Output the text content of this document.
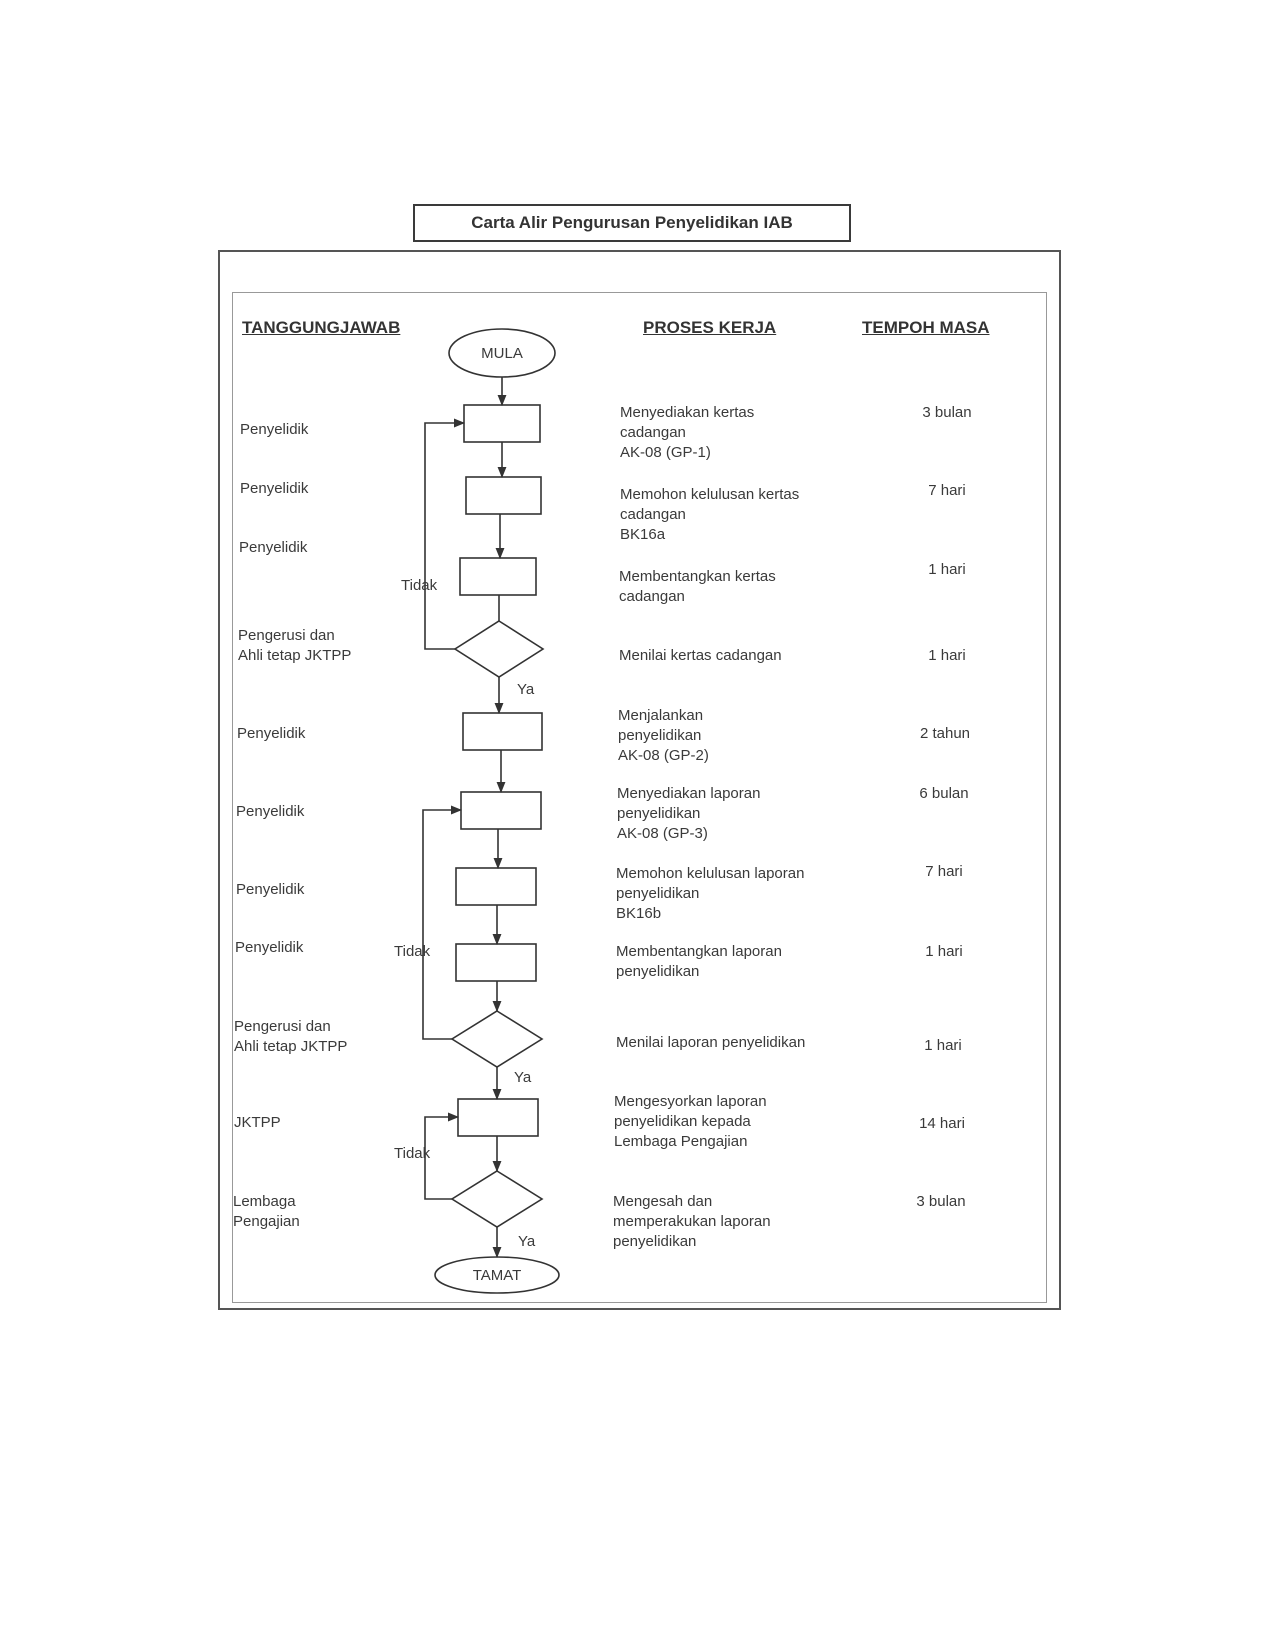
Carta Alir Pengurusan Penyelidikan IAB
TANGGUNGJAWAB	PROSES KERJA	TEMPOH MASA
Penyelidik
Penyelidik
Penyelidik
Pengerusi dan
Ahli tetap JKTPP
Penyelidik
Penyelidik
Penyelidik
Penyelidik
Pengerusi dan
Ahli tetap JKTPP
JKTPP
Lembaga
Pengajian
Menyediakan kertas
cadangan
AK-08 (GP-1)
Memohon kelulusan kertas
cadangan
BK16a
Membentangkan kertas
cadangan
Menilai kertas cadangan
Menjalankan
penyelidikan
AK-08 (GP-2)
Menyediakan laporan
penyelidikan
AK-08 (GP-3)
Memohon kelulusan laporan
penyelidikan
BK16b
Membentangkan laporan
penyelidikan
Menilai laporan penyelidikan
Mengesyorkan laporan
penyelidikan kepada
Lembaga Pengajian
Mengesah dan
memperakukan laporan
penyelidikan
3 bulan
7 hari
1 hari
1 hari
2 tahun
6 bulan
7 hari
1 hari
1 hari
14 hari
3 bulan
MULA
TAMAT
Tidak
Ya
Tidak
Ya
Tidak
Ya
